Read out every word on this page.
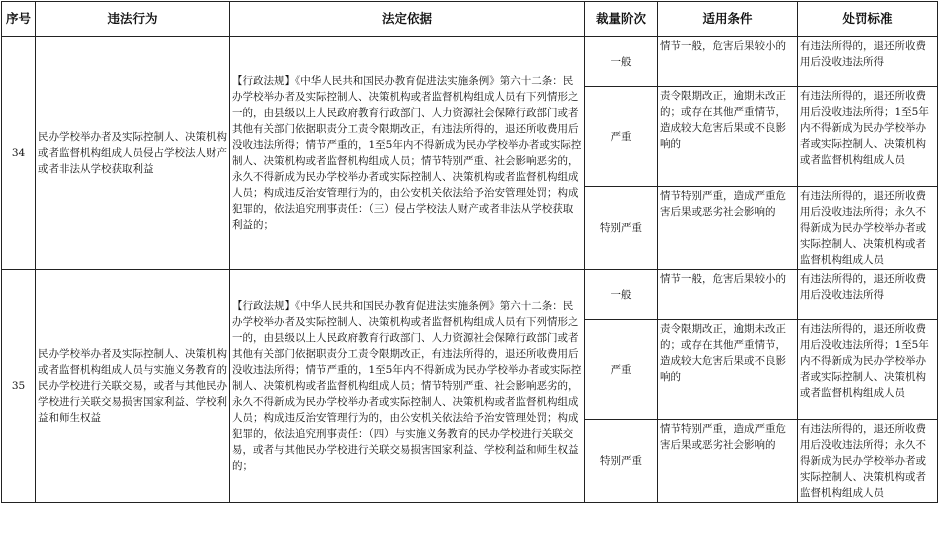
序号	违法行为	法定依据	裁量阶次	适用条件	处罚标准
34	民办学校举办者及实际控制人、决策机构或者监督机构组成人员侵占学校法人财产或者非法从学校获取利益	【行政法规】《中华人民共和国民办教育促进法实施条例》第六十二条：民办学校举办者及实际控制人、决策机构或者监督机构组成人员有下列情形之一的，由县级以上人民政府教育行政部门、人力资源社会保障行政部门或者其他有关部门依据职责分工责令限期改正，有违法所得的，退还所收费用后没收违法所得；情节严重的，1至5年内不得新成为民办学校举办者或实际控制人、决策机构或者监督机构组成人员；情节特别严重、社会影响恶劣的，永久不得新成为民办学校举办者或实际控制人、决策机构或者监督机构组成人员；构成违反治安管理行为的，由公安机关依法给予治安管理处罚；构成犯罪的，依法追究刑事责任：（三）侵占学校法人财产或者非法从学校获取利益的；	一般	情节一般，危害后果较小的	有违法所得的，退还所收费用后没收违法所得
			严重	责令限期改正，逾期未改正的；或存在其他严重情节，造成较大危害后果或不良影响的	有违法所得的，退还所收费用后没收违法所得；1至5年内不得新成为民办学校举办者或实际控制人、决策机构或者监督机构组成人员
			特别严重	情节特别严重，造成严重危害后果或恶劣社会影响的	有违法所得的，退还所收费用后没收违法所得；永久不得新成为民办学校举办者或实际控制人、决策机构或者监督机构组成人员
35	民办学校举办者及实际控制人、决策机构或者监督机构组成人员与实施义务教育的民办学校进行关联交易，或者与其他民办学校进行关联交易损害国家利益、学校利益和师生权益	【行政法规】《中华人民共和国民办教育促进法实施条例》第六十二条：民办学校举办者及实际控制人、决策机构或者监督机构组成人员有下列情形之一的，由县级以上人民政府教育行政部门、人力资源社会保障行政部门或者其他有关部门依据职责分工责令限期改正，有违法所得的，退还所收费用后没收违法所得；情节严重的，1至5年内不得新成为民办学校举办者或实际控制人、决策机构或者监督机构组成人员；情节特别严重、社会影响恶劣的，永久不得新成为民办学校举办者或实际控制人、决策机构或者监督机构组成人员；构成违反治安管理行为的，由公安机关依法给予治安管理处罚；构成犯罪的，依法追究刑事责任：（四）与实施义务教育的民办学校进行关联交易，或者与其他民办学校进行关联交易损害国家利益、学校利益和师生权益的；	一般	情节一般，危害后果较小的	有违法所得的，退还所收费用后没收违法所得
			严重	责令限期改正，逾期未改正的；或存在其他严重情节，造成较大危害后果或不良影响的	有违法所得的，退还所收费用后没收违法所得；1至5年内不得新成为民办学校举办者或实际控制人、决策机构或者监督机构组成人员
			特别严重	情节特别严重，造成严重危害后果或恶劣社会影响的	有违法所得的，退还所收费用后没收违法所得；永久不得新成为民办学校举办者或实际控制人、决策机构或者监督机构组成人员
